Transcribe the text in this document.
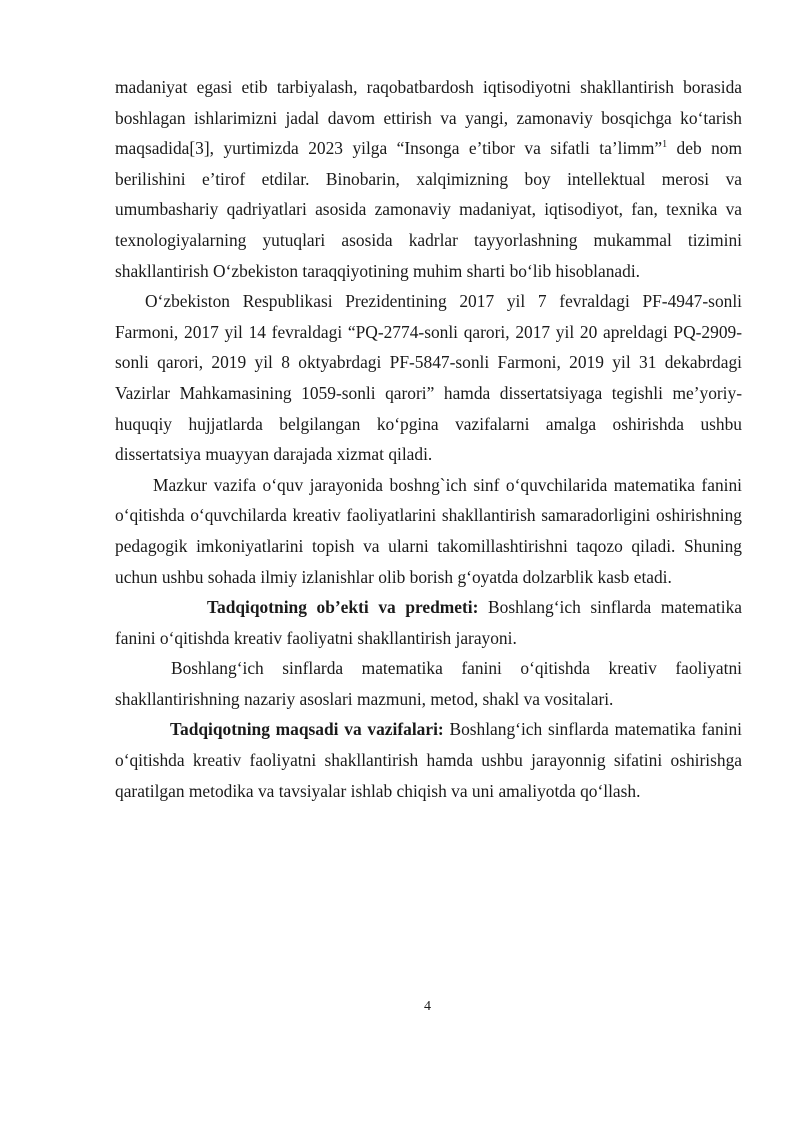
madaniyat egasi etib tarbiyalash, raqobatbardosh iqtisodiyotni shakllantirish borasida boshlagan ishlarimizni jadal davom ettirish va yangi, zamonaviy bosqichga ko‘tarish maqsadida[3], yurtimizda 2023 yilga “Insonga e’tibor va sifatli ta’limm”$^1$ deb nom berilishini e’tirof etdilar. Binobarin, xalqimizning boy intellektual merosi va umumbashariy qadriyatlari asosida zamonaviy madaniyat, iqtisodiyot, fan, texnika va texnologiyalarning yutuqlari asosida kadrlar tayyorlashning mukammal tizimini shakllantirish O‘zbekiston taraqqiyotining muhim sharti bo‘lib hisoblanadi.

O‘zbekiston Respublikasi Prezidentining 2017 yil 7 fevraldagi PF-4947-sonli Farmoni, 2017 yil 14 fevraldagi “PQ-2774-sonli qarori, 2017 yil 20 apreldagi PQ-2909-sonli qarori, 2019 yil 8 oktyabrdagi PF-5847-sonli Farmoni, 2019 yil 31 dekabrdagi Vazirlar Mahkamasining 1059-sonli qarori” hamda dissertatsiyaga tegishli me’yoriy-huquqiy hujjatlarda belgilangan ko‘pgina vazifalarni amalga oshirishda ushbu dissertatsiya muayyan darajada xizmat qiladi.

Mazkur vazifa o‘quv jarayonida boshng`ich sinf o‘quvchilarida matematika fanini o‘qitishda o‘quvchilarda kreativ faoliyatlarini shakllantirish samaradorligini oshirishning pedagogik imkoniyatlarini topish va ularni takomillashtirishni taqozo qiladi. Shuning uchun ushbu sohada ilmiy izlanishlar olib borish g‘oyatda dolzarblik kasb etadi.

Tadqiqotning ob’ekti va predmeti: Boshlang‘ich sinflarda matematika fanini o‘qitishda kreativ faoliyatni shakllantirish jarayoni.

Boshlang‘ich sinflarda matematika fanini o‘qitishda kreativ faoliyatni shakllantirishning nazariy asoslari mazmuni, metod, shakl va vositalari.

Tadqiqotning maqsadi va vazifalari: Boshlang‘ich sinflarda matematika fanini o‘qitishda kreativ faoliyatni shakllantirish hamda ushbu jarayonnig sifatini oshirishga qaratilgan metodika va tavsiyalar ishlab chiqish va uni amaliyotda qo‘llash.

4
